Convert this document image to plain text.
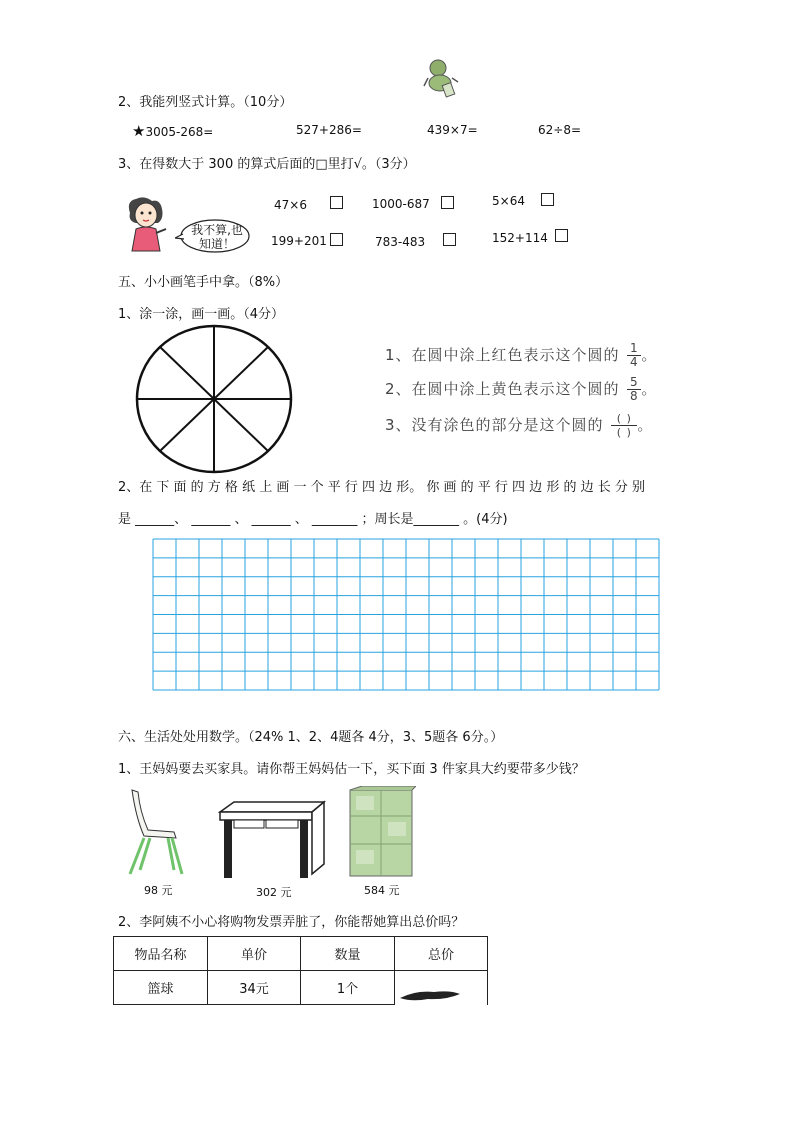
2、我能列竖式计算。（10分）
★3005-268=	527+286=	439×7=	62÷8=
3、在得数大于 300 的算式后面的□里打√。（3分）
我不算,也
知道！
47×6	1000-687	5×64
199+201	783-483	152+114
五、小小画笔手中拿。（8%）
1、涂一涂，画一画。（4分）
1、在圆中涂上红色表示这个圆的 $\frac{1}{4}$ 。
2、在圆中涂上黄色表示这个圆的 $\frac{5}{8}$ 。
3、没有涂色的部分是这个圆的 $\frac{( )}{( )}$ 。
2、在 下 面 的 方 格 纸 上 画 一 个 平 行 四 边 形。 你 画 的 平 行 四 边 形 的 边 长 分 别
是 ______、 ______ 、 ______ 、 _______ ；周长是_______ 。(4分)
六、生活处处用数学。（24% 1、2、4题各 4分，3、5题各 6分。）
1、王妈妈要去买家具。请你帮王妈妈估一下，买下面 3 件家具大约要带多少钱？
98 元	302 元	584 元
2、李阿姨不小心将购物发票弄脏了，你能帮她算出总价吗？
物品名称	单价	数量	总价
篮球	34元	1个	
